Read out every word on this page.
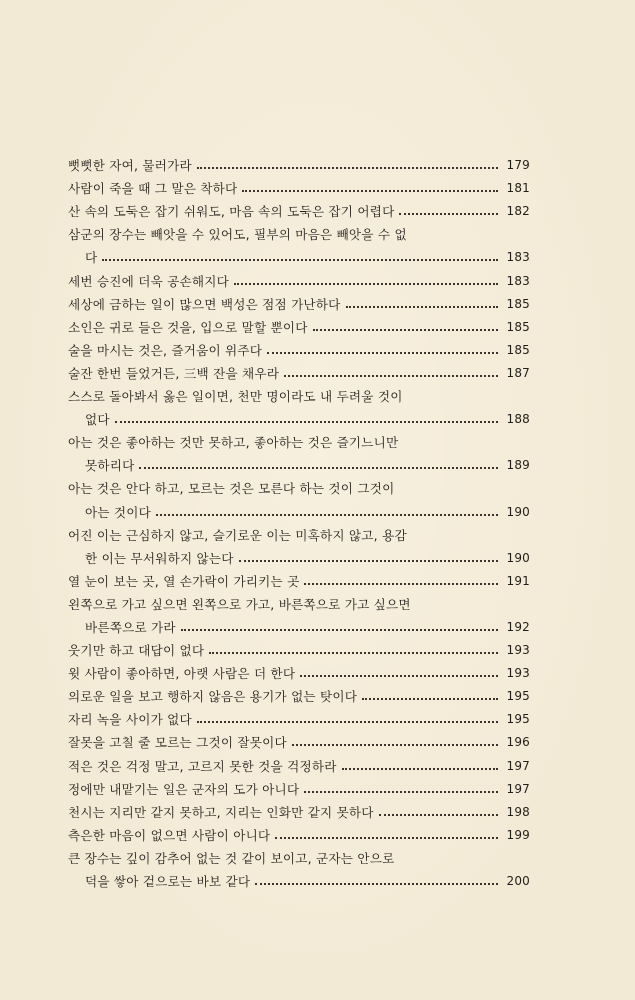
뻣뻣한 자여, 물러가라	179
사람이 죽을 때 그 말은 착하다	181
산 속의 도둑은 잡기 쉬워도, 마음 속의 도둑은 잡기 어렵다	182
삼군의 장수는 빼앗을 수 있어도, 필부의 마음은 빼앗을 수 없
다	183
세번 승진에 더욱 공손해지다	183
세상에 금하는 일이 많으면 백성은 점점 가난하다	185
소인은 귀로 들은 것을, 입으로 말할 뿐이다	185
술을 마시는 것은, 즐거움이 위주다	185
술잔 한번 들었거든, 三백 잔을 채우라	187
스스로 돌아봐서 옳은 일이면, 천만 명이라도 내 두려울 것이
없다	188
아는 것은 좋아하는 것만 못하고, 좋아하는 것은 즐기느니만
못하리다	189
아는 것은 안다 하고, 모르는 것은 모른다 하는 것이 그것이
아는 것이다	190
어진 이는 근심하지 않고, 슬기로운 이는 미혹하지 않고, 용감
한 이는 무서워하지 않는다	190
열 눈이 보는 곳, 열 손가락이 가리키는 곳	191
왼쪽으로 가고 싶으면 왼쪽으로 가고, 바른쪽으로 가고 싶으면
바른쪽으로 가라	192
웃기만 하고 대답이 없다	193
윗 사람이 좋아하면, 아랫 사람은 더 한다	193
의로운 일을 보고 행하지 않음은 용기가 없는 탓이다	195
자리 녹을 사이가 없다	195
잘못을 고칠 줄 모르는 그것이 잘못이다	196
적은 것은 걱정 말고, 고르지 못한 것을 걱정하라	197
정에만 내맡기는 일은 군자의 도가 아니다	197
천시는 지리만 같지 못하고, 지리는 인화만 같지 못하다	198
측은한 마음이 없으면 사람이 아니다	199
큰 장수는 깊이 감추어 없는 것 같이 보이고, 군자는 안으로
덕을 쌓아 겉으로는 바보 같다	200
